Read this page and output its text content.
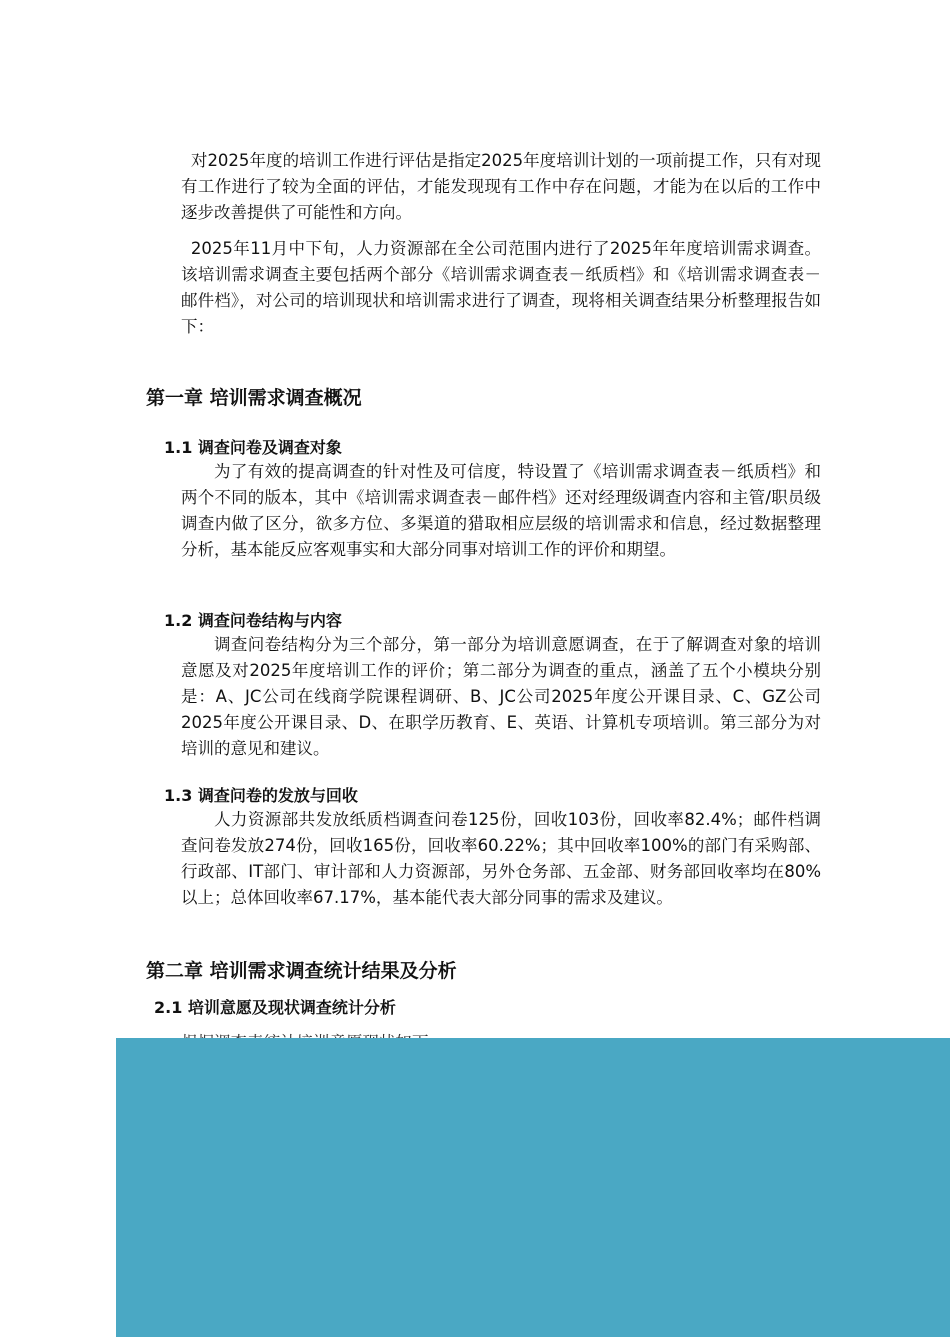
对2025年度的培训工作进行评估是指定2025年度培训计划的一项前提工作，只有对现有工作进行了较为全面的评估，才能发现现有工作中存在问题，才能为在以后的工作中逐步改善提供了可能性和方向。

2025年11月中下旬，人力资源部在全公司范围内进行了2025年年度培训需求调查。该培训需求调查主要包括两个部分《培训需求调查表－纸质档》和《培训需求调查表－邮件档》，对公司的培训现状和培训需求进行了调查，现将相关调查结果分析整理报告如下：

第一章 培训需求调查概况
1.1 调查问卷及调查对象

为了有效的提高调查的针对性及可信度，特设置了《培训需求调查表－纸质档》和两个不同的版本，其中《培训需求调查表－邮件档》还对经理级调查内容和主管/职员级调查内做了区分，欲多方位、多渠道的猎取相应层级的培训需求和信息，经过数据整理分析，基本能反应客观事实和大部分同事对培训工作的评价和期望。

1.2 调查问卷结构与内容

调查问卷结构分为三个部分，第一部分为培训意愿调查，在于了解调查对象的培训意愿及对2025年度培训工作的评价；第二部分为调查的重点，涵盖了五个小模块分别是：A、JC公司在线商学院课程调研、B、JC公司2025年度公开课目录、C、GZ公司2025年度公开课目录、D、在职学历教育、E、英语、计算机专项培训。第三部分为对培训的意见和建议。

1.3 调查问卷的发放与回收

人力资源部共发放纸质档调查问卷125份，回收103份，回收率82.4%；邮件档调查问卷发放274份，回收165份，回收率60.22%；其中回收率100%的部门有采购部、行政部、IT部门、审计部和人力资源部，另外仓务部、五金部、财务部回收率均在80%以上；总体回收率67.17%，基本能代表大部分同事的需求及建议。

第二章 培训需求调查统计结果及分析
2.1 培训意愿及现状调查统计分析
